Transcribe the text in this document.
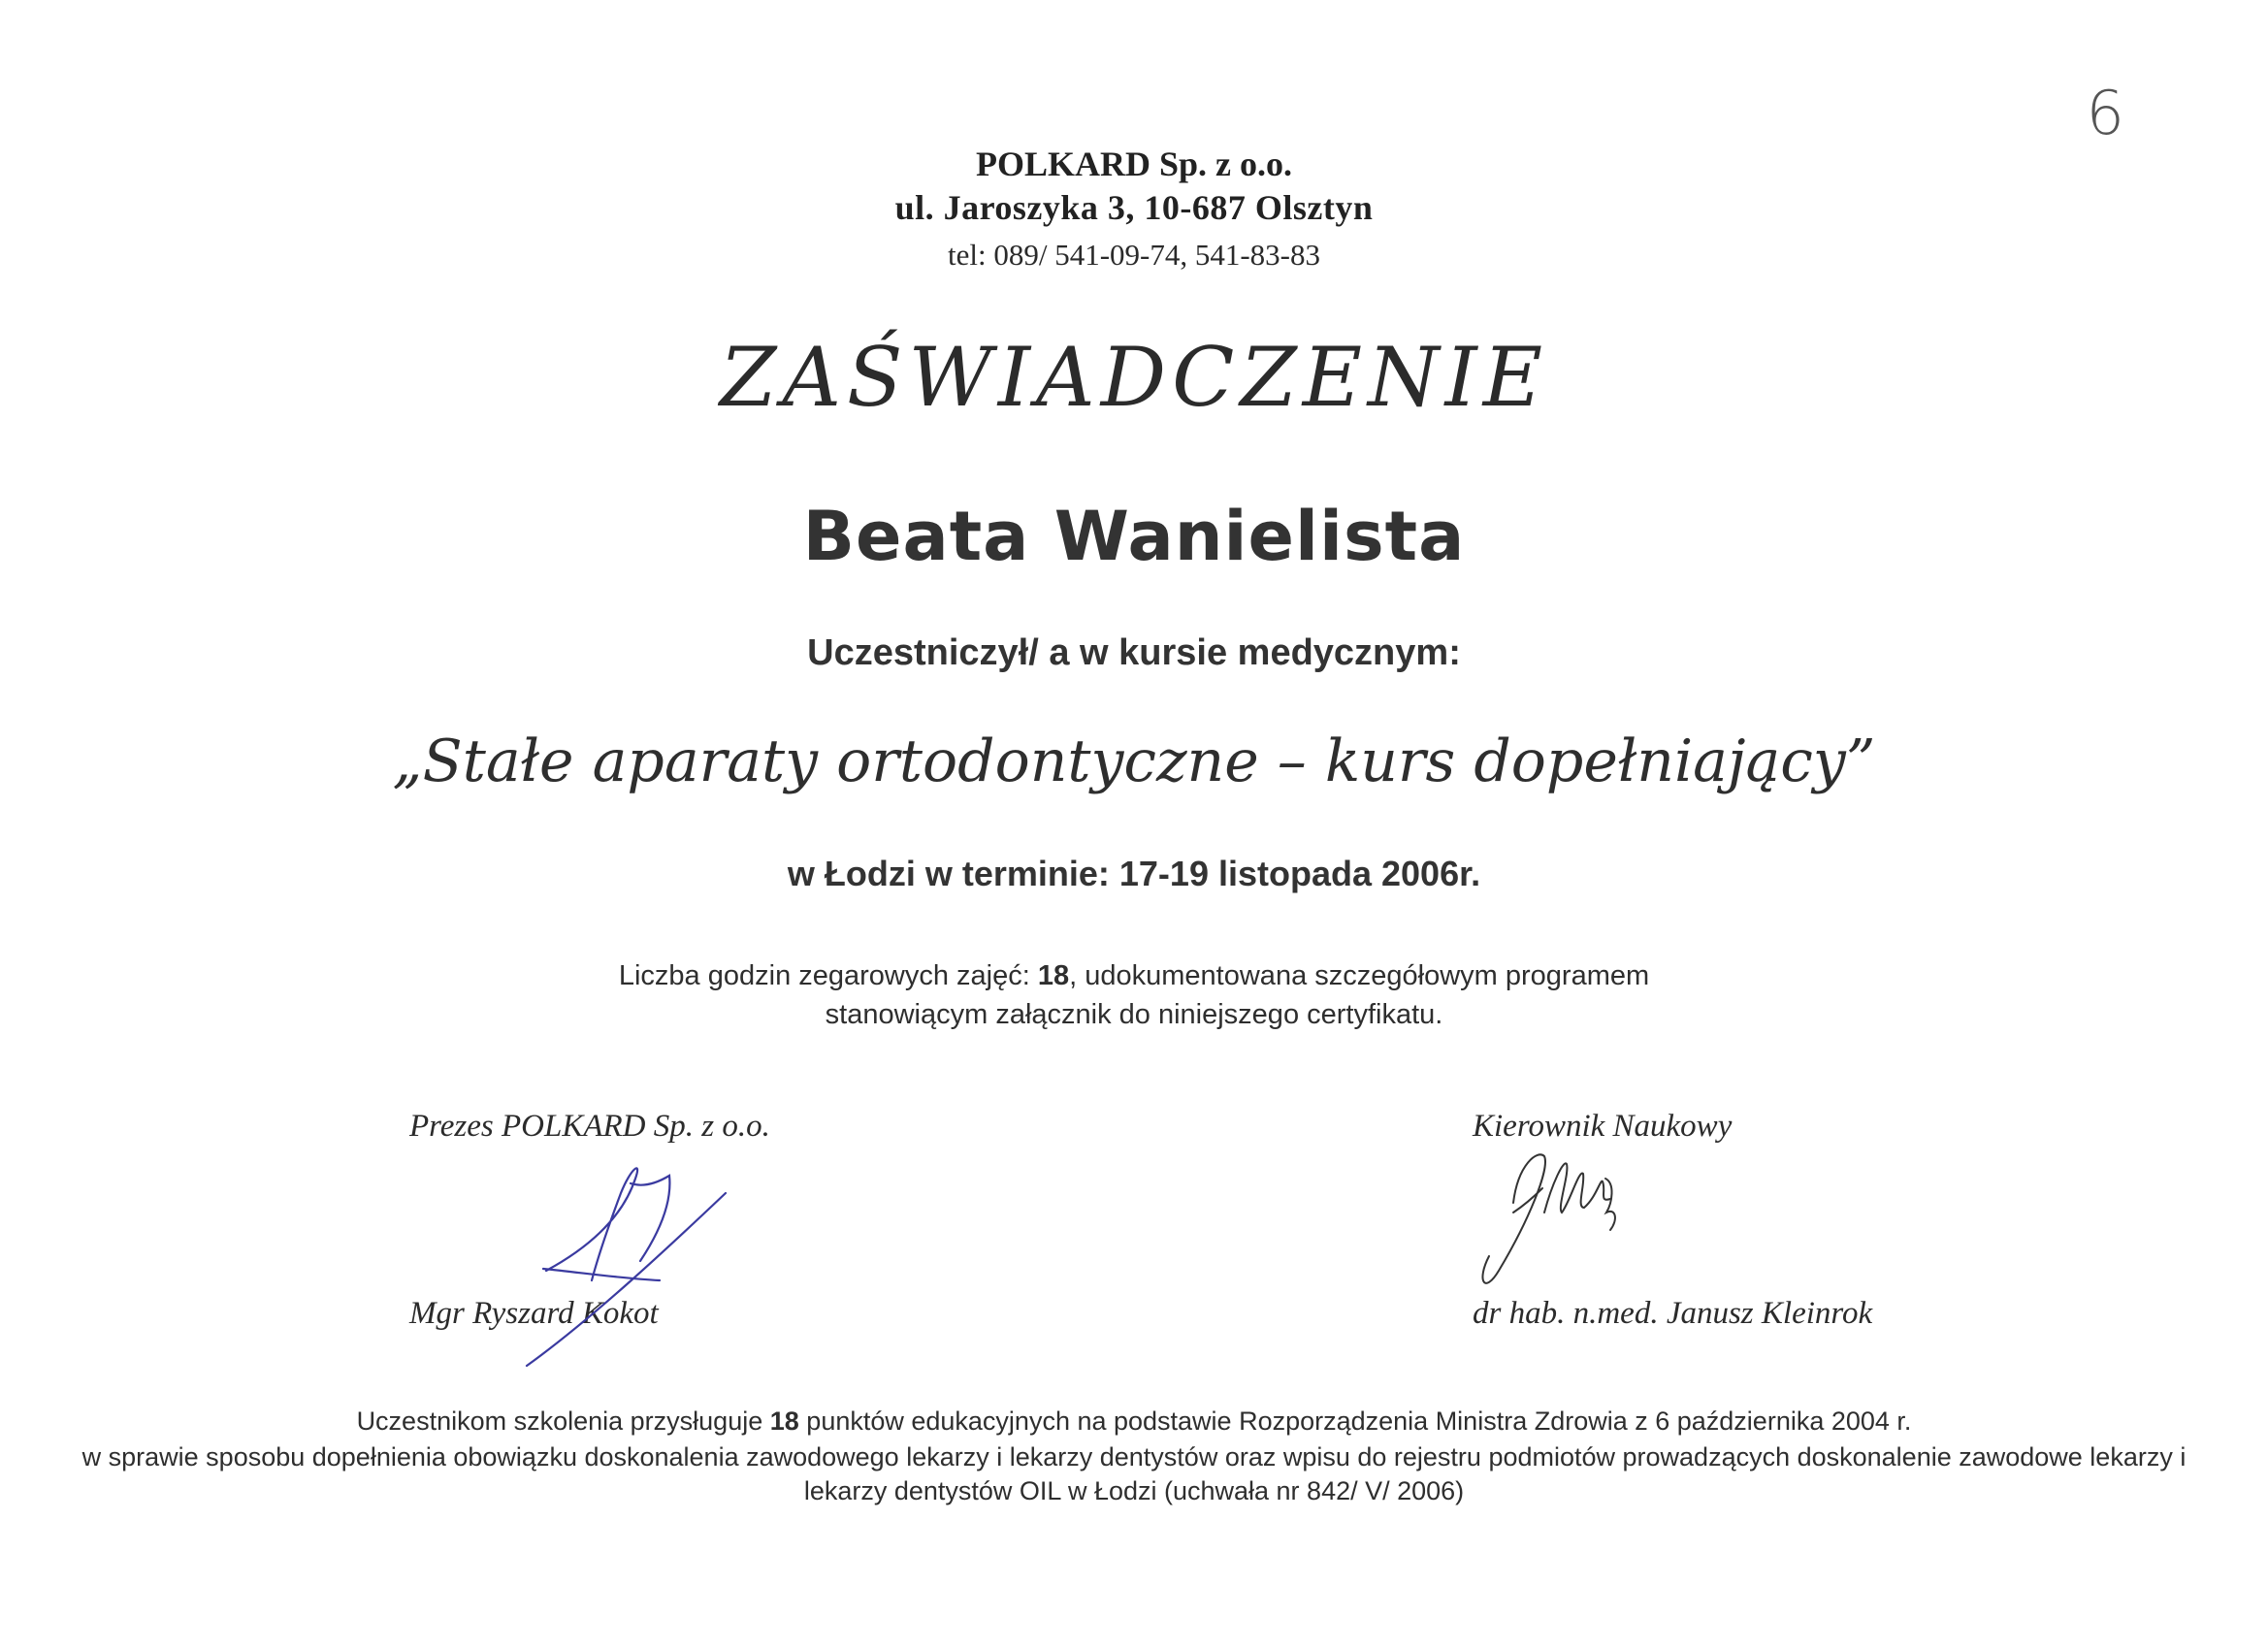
6
POLKARD Sp. z o.o.
ul. Jaroszyka 3, 10-687 Olsztyn
tel: 089/ 541-09-74, 541-83-83
ZAŚWIADCZENIE
Beata Wanielista
Uczestniczył/ a w kursie medycznym:
„Stałe aparaty ortodontyczne – kurs dopełniający”
w Łodzi w terminie: 17-19 listopada 2006r.
Liczba godzin zegarowych zajęć: 18, udokumentowana szczegółowym programem
stanowiącym załącznik do niniejszego certyfikatu.
Prezes POLKARD Sp. z o.o.
Mgr Ryszard Kokot
Kierownik Naukowy
dr hab. n.med. Janusz Kleinrok
Uczestnikom szkolenia przysługuje 18 punktów edukacyjnych na podstawie Rozporządzenia Ministra Zdrowia z 6 października 2004 r.
w sprawie sposobu dopełnienia obowiązku doskonalenia zawodowego lekarzy i lekarzy dentystów oraz wpisu do rejestru podmiotów prowadzących doskonalenie zawodowe lekarzy i
lekarzy dentystów OIL w Łodzi (uchwała nr 842/ V/ 2006)
